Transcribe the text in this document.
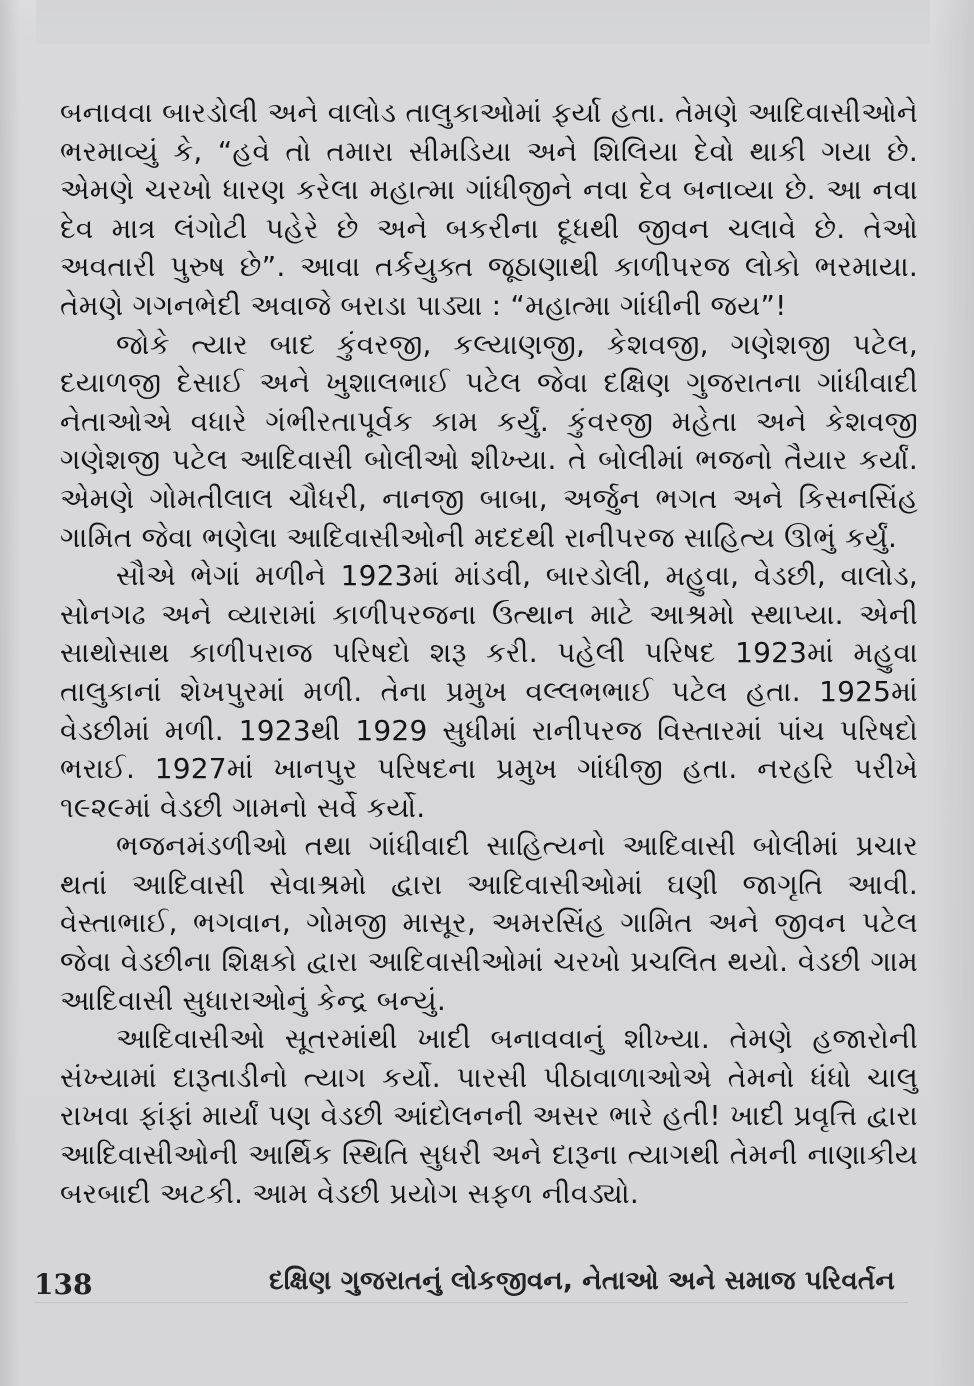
બનાવવા બારડોલી અને વાલોડ તાલુકાઓમાં ફર્યા હતા. તેમણે આદિવાસીઓને ભરમાવ્યું કે, “હવે તો તમારા સીમડિયા અને શિલિયા દેવો થાકી ગયા છે. એમણે ચરખો ધારણ કરેલા મહાત્મા ગાંધીજીને નવા દેવ બનાવ્યા છે. આ નવા દેવ માત્ર લંગોટી પહેરે છે અને બકરીના દૂધથી જીવન ચલાવે છે. તેઓ અવતારી પુરુષ છે”. આવા તર્કયુક્ત જૂઠાણાથી કાળીપરજ લોકો ભરમાયા. તેમણે ગગનભેદી અવાજે બરાડા પાડ્યા : “મહાત્મા ગાંધીની જય”!

જોકે ત્યાર બાદ કુંવરજી, કલ્યાણજી, કેશવજી, ગણેશજી પટેલ, દયાળજી દેસાઈ અને ખુશાલભાઈ પટેલ જેવા દક્ષિણ ગુજરાતના ગાંધીવાદી નેતાઓએ વધારે ગંભીરતાપૂર્વક કામ કર્યું. કુંવરજી મહેતા અને કેશવજી ગણેશજી પટેલ આદિવાસી બોલીઓ શીખ્યા. તે બોલીમાં ભજનો તૈયાર કર્યાં. એમણે ગોમતીલાલ ચૌધરી, નાનજી બાબા, અર્જુન ભગત અને કિસનસિંહ ગામિત જેવા ભણેલા આદિવાસીઓની મદદથી રાનીપરજ સાહિત્ય ઊભું કર્યું.

સૌએ ભેગાં મળીને 1923માં માંડવી, બારડોલી, મહુવા, વેડછી, વાલોડ, સોનગઢ અને વ્યારામાં કાળીપરજના ઉત્થાન માટે આશ્રમો સ્થાપ્યા. એની સાથોસાથ કાળીપરાજ પરિષદો શરૂ કરી. પહેલી પરિષદ 1923માં મહુવા તાલુકાનાં શેખપુરમાં મળી. તેના પ્રમુખ વલ્લભભાઈ પટેલ હતા. 1925માં વેડછીમાં મળી. 1923થી 1929 સુધીમાં રાનીપરજ વિસ્તારમાં પાંચ પરિષદો ભરાઈ. 1927માં ખાનપુર પરિષદના પ્રમુખ ગાંધીજી હતા. નરહરિ પરીખે ૧૯૨૯માં વેડછી ગામનો સર્વે કર્યો.

ભજનમંડળીઓ તથા ગાંધીવાદી સાહિત્યનો આદિવાસી બોલીમાં પ્રચાર થતાં આદિવાસી સેવાશ્રમો દ્વારા આદિવાસીઓમાં ઘણી જાગૃતિ આવી. વેસ્તાભાઈ, ભગવાન, ગોમજી માસૂર, અમરસિંહ ગામિત અને જીવન પટેલ જેવા વેડછીના શિક્ષકો દ્વારા આદિવાસીઓમાં ચરખો પ્રચલિત થયો. વેડછી ગામ આદિવાસી સુધારાઓનું કેન્દ્ર બન્યું.

આદિવાસીઓ સૂતરમાંથી ખાદી બનાવવાનું શીખ્યા. તેમણે હજારોની સંખ્યામાં દારૂતાડીનો ત્યાગ કર્યો. પારસી પીઠાવાળાઓએ તેમનો ધંધો ચાલુ રાખવા ફાંફાં માર્યાં પણ વેડછી આંદોલનની અસર ભારે હતી! ખાદી પ્રવૃત્તિ દ્વારા આદિવાસીઓની આર્થિક સ્થિતિ સુધરી અને દારૂના ત્યાગથી તેમની નાણાકીય બરબાદી અટકી. આમ વેડછી પ્રયોગ સફળ નીવડ્યો.

138	દક્ષિણ ગુજરાતનું લોકજીવન, નેતાઓ અને સમાજ પરિવર્તન
